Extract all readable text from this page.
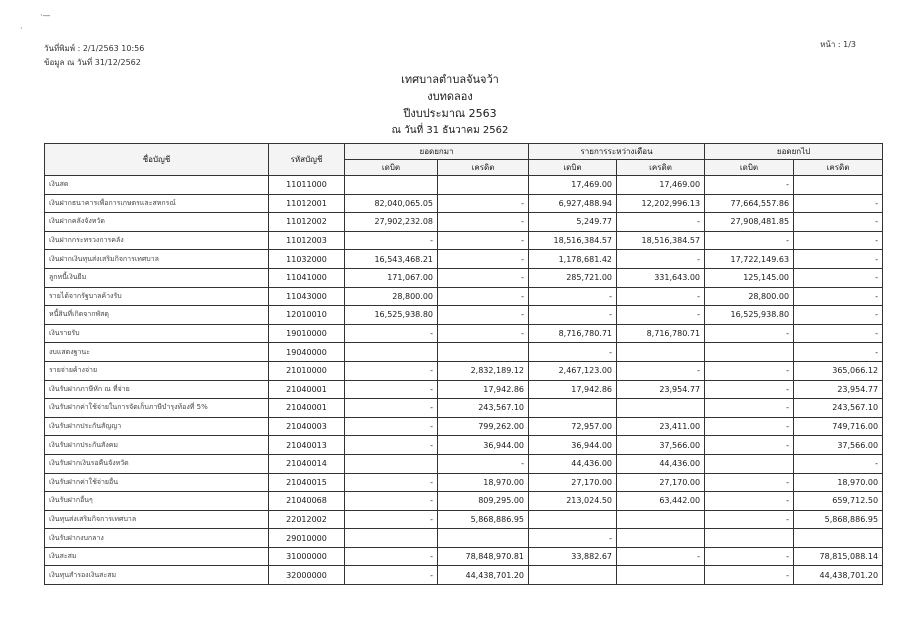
·—
·
วันที่พิมพ์ : 2/1/2563 10:56
ข้อมูล ณ วันที่ 31/12/2562
หน้า : 1/3
เทศบาลตำบลจันจว้า
งบทดลอง
ปีงบประมาณ 2563
ณ วันที่ 31 ธันวาคม 2562
ชื่อบัญชี	รหัสบัญชี	ยอดยกมา		รายการระหว่างเดือน		ยอดยกไป	
		เดบิต	เครดิต	เดบิต	เครดิต	เดบิต	เครดิต
เงินสด	11011000			17,469.00	17,469.00	-	
เงินฝากธนาคารเพื่อการเกษตรและสหกรณ์	11012001	82,040,065.05	-	6,927,488.94	12,202,996.13	77,664,557.86	-
เงินฝากคลังจังหวัด	11012002	27,902,232.08	-	5,249.77	-	27,908,481.85	-
เงินฝากกระทรวงการคลัง	11012003	-	-	18,516,384.57	18,516,384.57	-	-
เงินฝากเงินทุนส่งเสริมกิจการเทศบาล	11032000	16,543,468.21	-	1,178,681.42	-	17,722,149.63	-
ลูกหนี้เงินยืม	11041000	171,067.00	-	285,721.00	331,643.00	125,145.00	-
รายได้จากรัฐบาลค้างรับ	11043000	28,800.00	-	-	-	28,800.00	-
หนี้สินที่เกิดจากพัสดุ	12010010	16,525,938.80	-	-	-	16,525,938.80	-
เงินรายรับ	19010000	-	-	8,716,780.71	8,716,780.71	-	-
งบแสดงฐานะ	19040000			-			-
รายจ่ายค้างจ่าย	21010000	-	2,832,189.12	2,467,123.00	-	-	365,066.12
เงินรับฝากภาษีหัก ณ ที่จ่าย	21040001	-	17,942.86	17,942.86	23,954.77	-	23,954.77
เงินรับฝากค่าใช้จ่ายในการจัดเก็บภาษีบำรุงท้องที่ 5%	21040001	-	243,567.10			-	243,567.10
เงินรับฝากประกันสัญญา	21040003	-	799,262.00	72,957.00	23,411.00	-	749,716.00
เงินรับฝากประกันสังคม	21040013	-	36,944.00	36,944.00	37,566.00	-	37,566.00
เงินรับฝากเงินรอคืนจังหวัด	21040014		-	44,436.00	44,436.00		-
เงินรับฝากค่าใช้จ่ายอื่น	21040015	-	18,970.00	27,170.00	27,170.00	-	18,970.00
เงินรับฝากอื่นๆ	21040068	-	809,295.00	213,024.50	63,442.00	-	659,712.50
เงินทุนส่งเสริมกิจการเทศบาล	22012002	-	5,868,886.95			-	5,868,886.95
เงินรับฝากงบกลาง	29010000			-			
เงินสะสม	31000000	-	78,848,970.81	33,882.67	-	-	78,815,088.14
เงินทุนสำรองเงินสะสม	32000000	-	44,438,701.20			-	44,438,701.20
